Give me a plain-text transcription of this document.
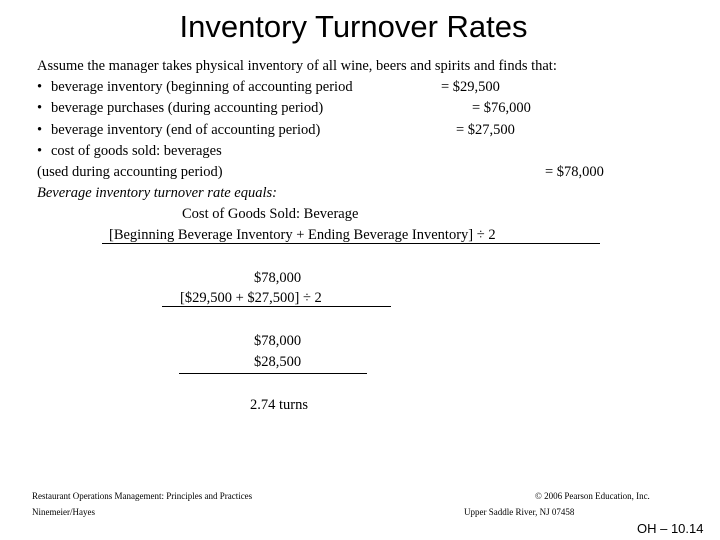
Inventory Turnover Rates
Assume the manager takes physical inventory of all wine, beers and spirits and finds that:
• beverage inventory (beginning of accounting period	= $29,500
• beverage purchases (during accounting period)	= $76,000
• beverage inventory (end of accounting period)	= $27,500
• cost of goods sold: beverages
(used during accounting period)	= $78,000
Beverage inventory turnover rate equals:
Cost of Goods Sold: Beverage
[Beginning Beverage Inventory + Ending Beverage Inventory] ÷ 2
$78,000
[$29,500 + $27,500] ÷ 2
$78,000
$28,500
2.74 turns
Restaurant Operations Management: Principles and Practices
Ninemeier/Hayes
© 2006 Pearson Education, Inc.
Upper Saddle River, NJ 07458
OH – 10.14
